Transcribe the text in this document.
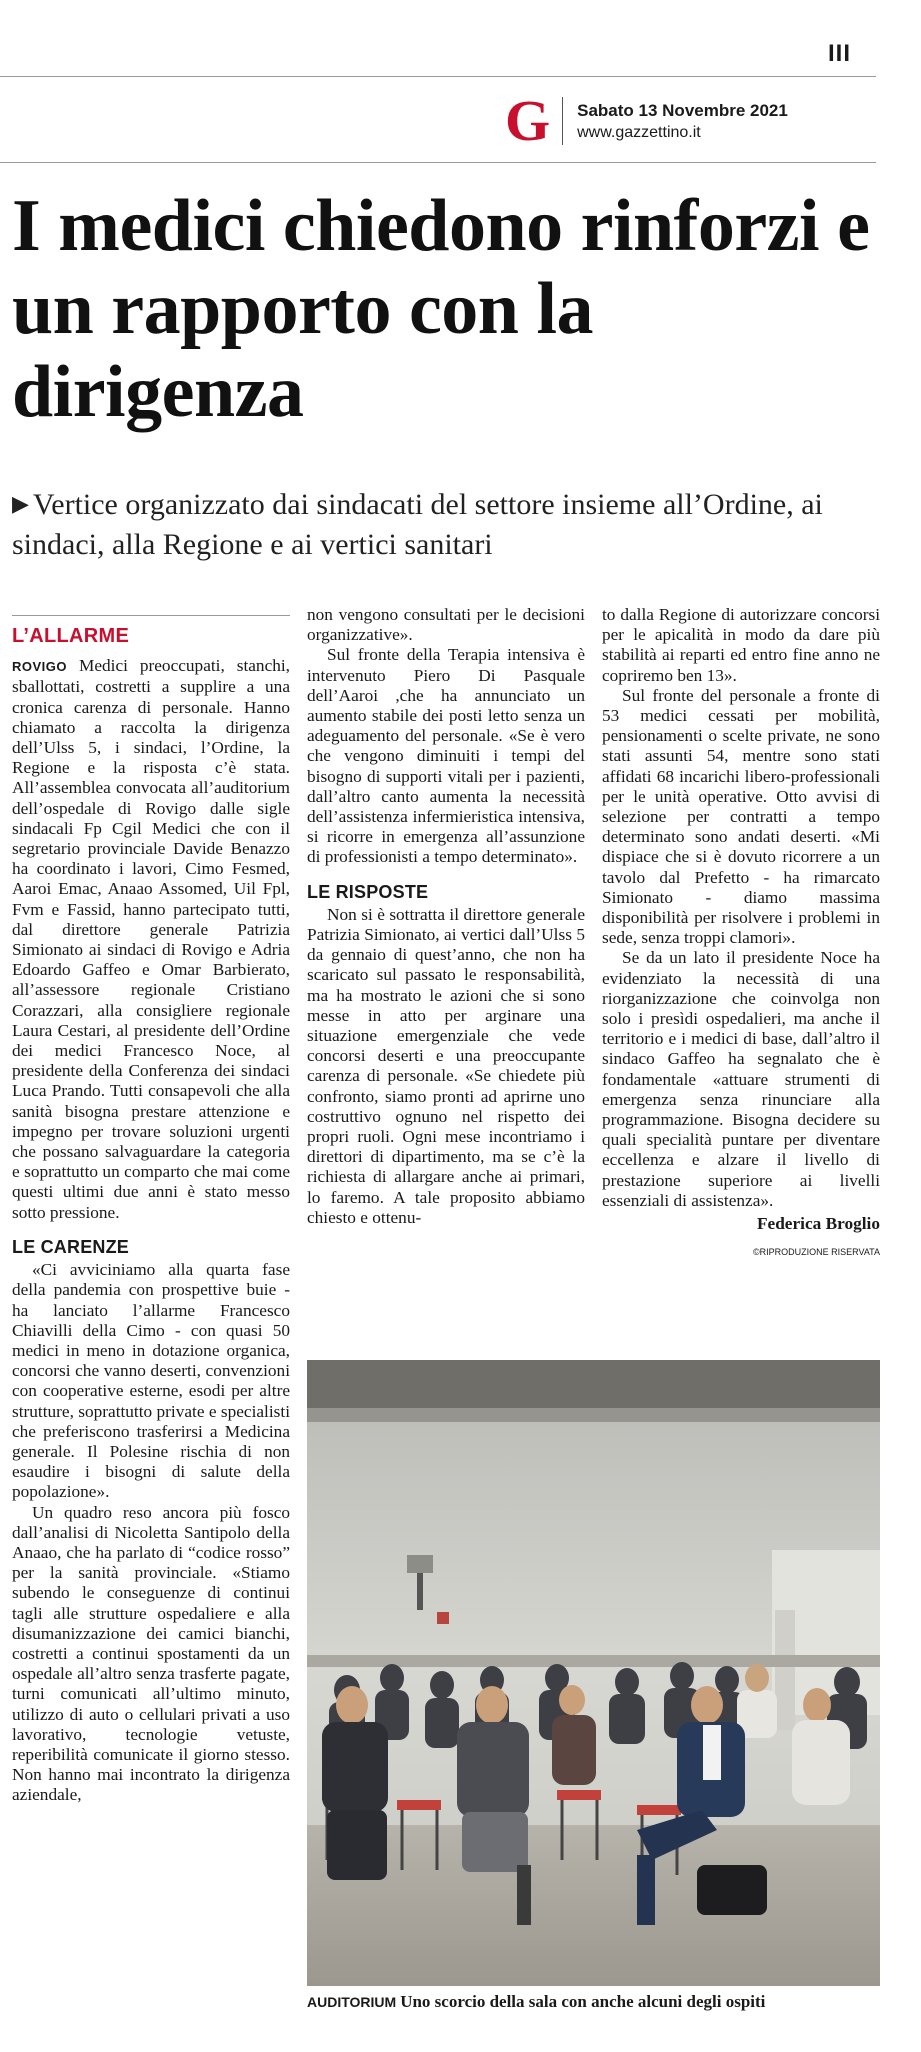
III
G Sabato 13 Novembre 2021
www.gazzettino.it
I medici chiedono rinforzi e un rapporto con la dirigenza

▶ Vertice organizzato dai sindacati del settore insieme all’Ordine, ai sindaci, alla Regione e ai vertici sanitari

L’ALLARME

ROVIGO Medici preoccupati, stanchi, sballottati, costretti a supplire a una cronica carenza di personale. Hanno chiamato a raccolta la dirigenza dell’Ulss 5, i sindaci, l’Ordine, la Regione e la risposta c’è stata. All’assemblea convocata all’auditorium dell’ospedale di Rovigo dalle sigle sindacali Fp Cgil Medici che con il segretario provinciale Davide Benazzo ha coordinato i lavori, Cimo Fesmed, Aaroi Emac, Anaao Assomed, Uil Fpl, Fvm e Fassid, hanno partecipato tutti, dal direttore generale Patrizia Simionato ai sindaci di Rovigo e Adria Edoardo Gaffeo e Omar Barbierato, all’assessore regionale Cristiano Corazzari, alla consigliere regionale Laura Cestari, al presidente dell’Ordine dei medici Francesco Noce, al presidente della Conferenza dei sindaci Luca Prando. Tutti consapevoli che alla sanità bisogna prestare attenzione e impegno per trovare soluzioni urgenti che possano salvaguardare la categoria e soprattutto un comparto che mai come questi ultimi due anni è stato messo sotto pressione.

LE CARENZE

«Ci avviciniamo alla quarta fase della pandemia con prospettive buie - ha lanciato l’allarme Francesco Chiavilli della Cimo - con quasi 50 medici in meno in dotazione organica, concorsi che vanno deserti, convenzioni con cooperative esterne, esodi per altre strutture, soprattutto private e specialisti che preferiscono trasferirsi a Medicina generale. Il Polesine rischia di non esaudire i bisogni di salute della popolazione».

Un quadro reso ancora più fosco dall’analisi di Nicoletta Santipolo della Anaao, che ha parlato di “codice rosso” per la sanità provinciale. «Stiamo subendo le conseguenze di continui tagli alle strutture ospedaliere e alla disumanizzazione dei camici bianchi, costretti a continui spostamenti da un ospedale all’altro senza trasferte pagate, turni comunicati all’ultimo minuto, utilizzo di auto o cellulari privati a uso lavorativo, tecnologie vetuste, reperibilità comunicate il giorno stesso. Non hanno mai incontrato la dirigenza aziendale,

non vengono consultati per le decisioni organizzative».

Sul fronte della Terapia intensiva è intervenuto Piero Di Pasquale dell’Aaroi ,che ha annunciato un aumento stabile dei posti letto senza un adeguamento del personale. «Se è vero che vengono diminuiti i tempi del bisogno di supporti vitali per i pazienti, dall’altro canto aumenta la necessità dell’assistenza infermieristica intensiva, si ricorre in emergenza all’assunzione di professionisti a tempo determinato».

LE RISPOSTE

Non si è sottratta il direttore generale Patrizia Simionato, ai vertici dall’Ulss 5 da gennaio di quest’anno, che non ha scaricato sul passato le responsabilità, ma ha mostrato le azioni che si sono messe in atto per arginare una situazione emergenziale che vede concorsi deserti e una preoccupante carenza di personale. «Se chiedete più confronto, siamo pronti ad aprirne uno costruttivo ognuno nel rispetto dei propri ruoli. Ogni mese incontriamo i direttori di dipartimento, ma se c’è la richiesta di allargare anche ai primari, lo faremo. A tale proposito abbiamo chiesto e ottenu-

to dalla Regione di autorizzare concorsi per le apicalità in modo da dare più stabilità ai reparti ed entro fine anno ne copriremo ben 13».

Sul fronte del personale a fronte di 53 medici cessati per mobilità, pensionamenti o scelte private, ne sono stati assunti 54, mentre sono stati affidati 68 incarichi libero-professionali per le unità operative. Otto avvisi di selezione per contratti a tempo determinato sono andati deserti. «Mi dispiace che si è dovuto ricorrere a un tavolo dal Prefetto - ha rimarcato Simionato - diamo massima disponibilità per risolvere i problemi in sede, senza troppi clamori».

Se da un lato il presidente Noce ha evidenziato la necessità di una riorganizzazione che coinvolga non solo i presìdi ospedalieri, ma anche il territorio e i medici di base, dall’altro il sindaco Gaffeo ha segnalato che è fondamentale «attuare strumenti di emergenza senza rinunciare alla programmazione. Bisogna decidere su quali specialità puntare per diventare eccellenza e alzare il livello di prestazione superiore ai livelli essenziali di assistenza».

Federica Broglio
©RIPRODUZIONE RISERVATA
AUDITORIUM Uno scorcio della sala con anche alcuni degli ospiti
